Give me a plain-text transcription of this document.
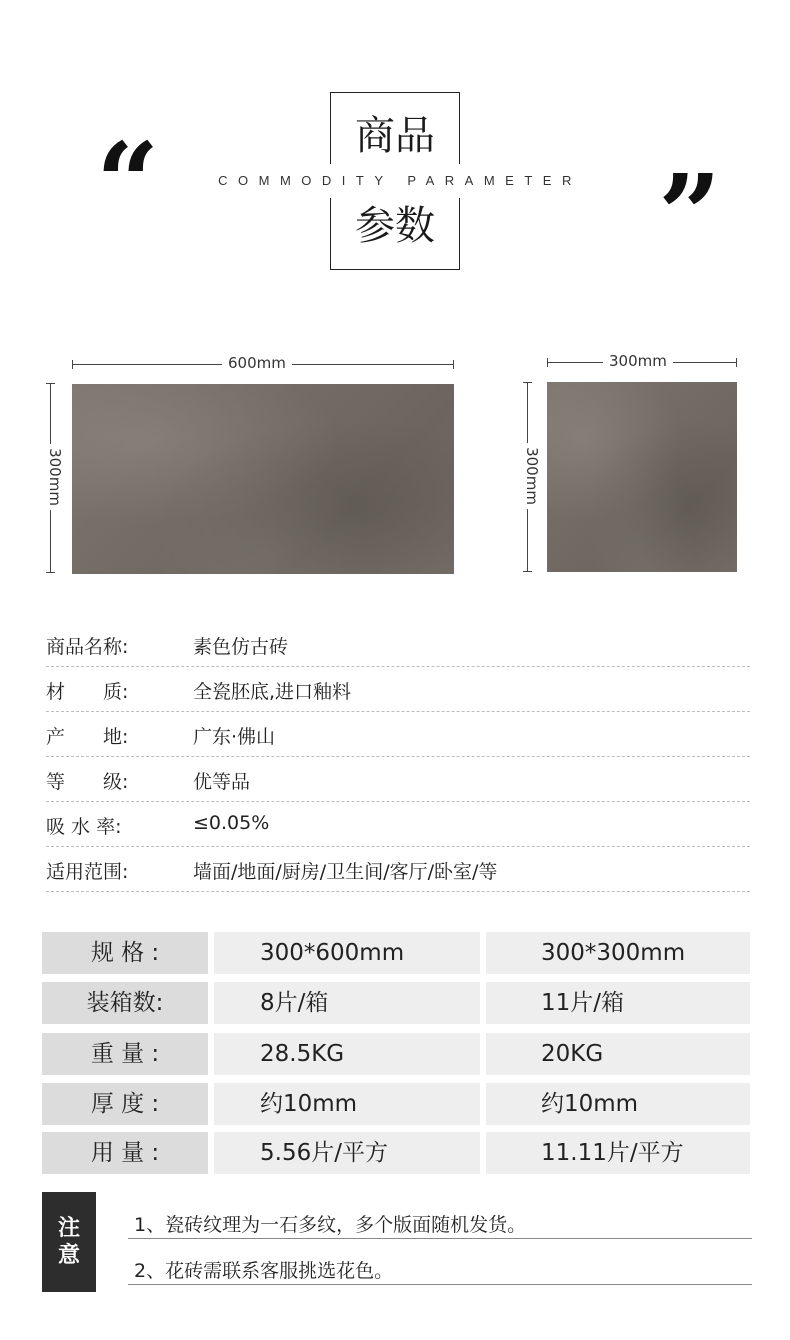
商品
参数
COMMODITY PARAMETER
“	”
600mm
300mm
300mm
300mm
商品名称:	素色仿古砖
材　　质:	全瓷胚底,进口釉料
产　　地:	广东·佛山
等　　级:	优等品
吸 水 率:	≤0.05%
适用范围:	墙面/地面/厨房/卫生间/客厅/卧室/等
规 格 :	300*600mm	300*300mm
装箱数:	8片/箱	11片/箱
重 量 :	28.5KG	20KG
厚 度 :	约10mm	约10mm
用 量 :	5.56片/平方	11.11片/平方
注
意
1、瓷砖纹理为一石多纹，多个版面随机发货。
2、花砖需联系客服挑选花色。
